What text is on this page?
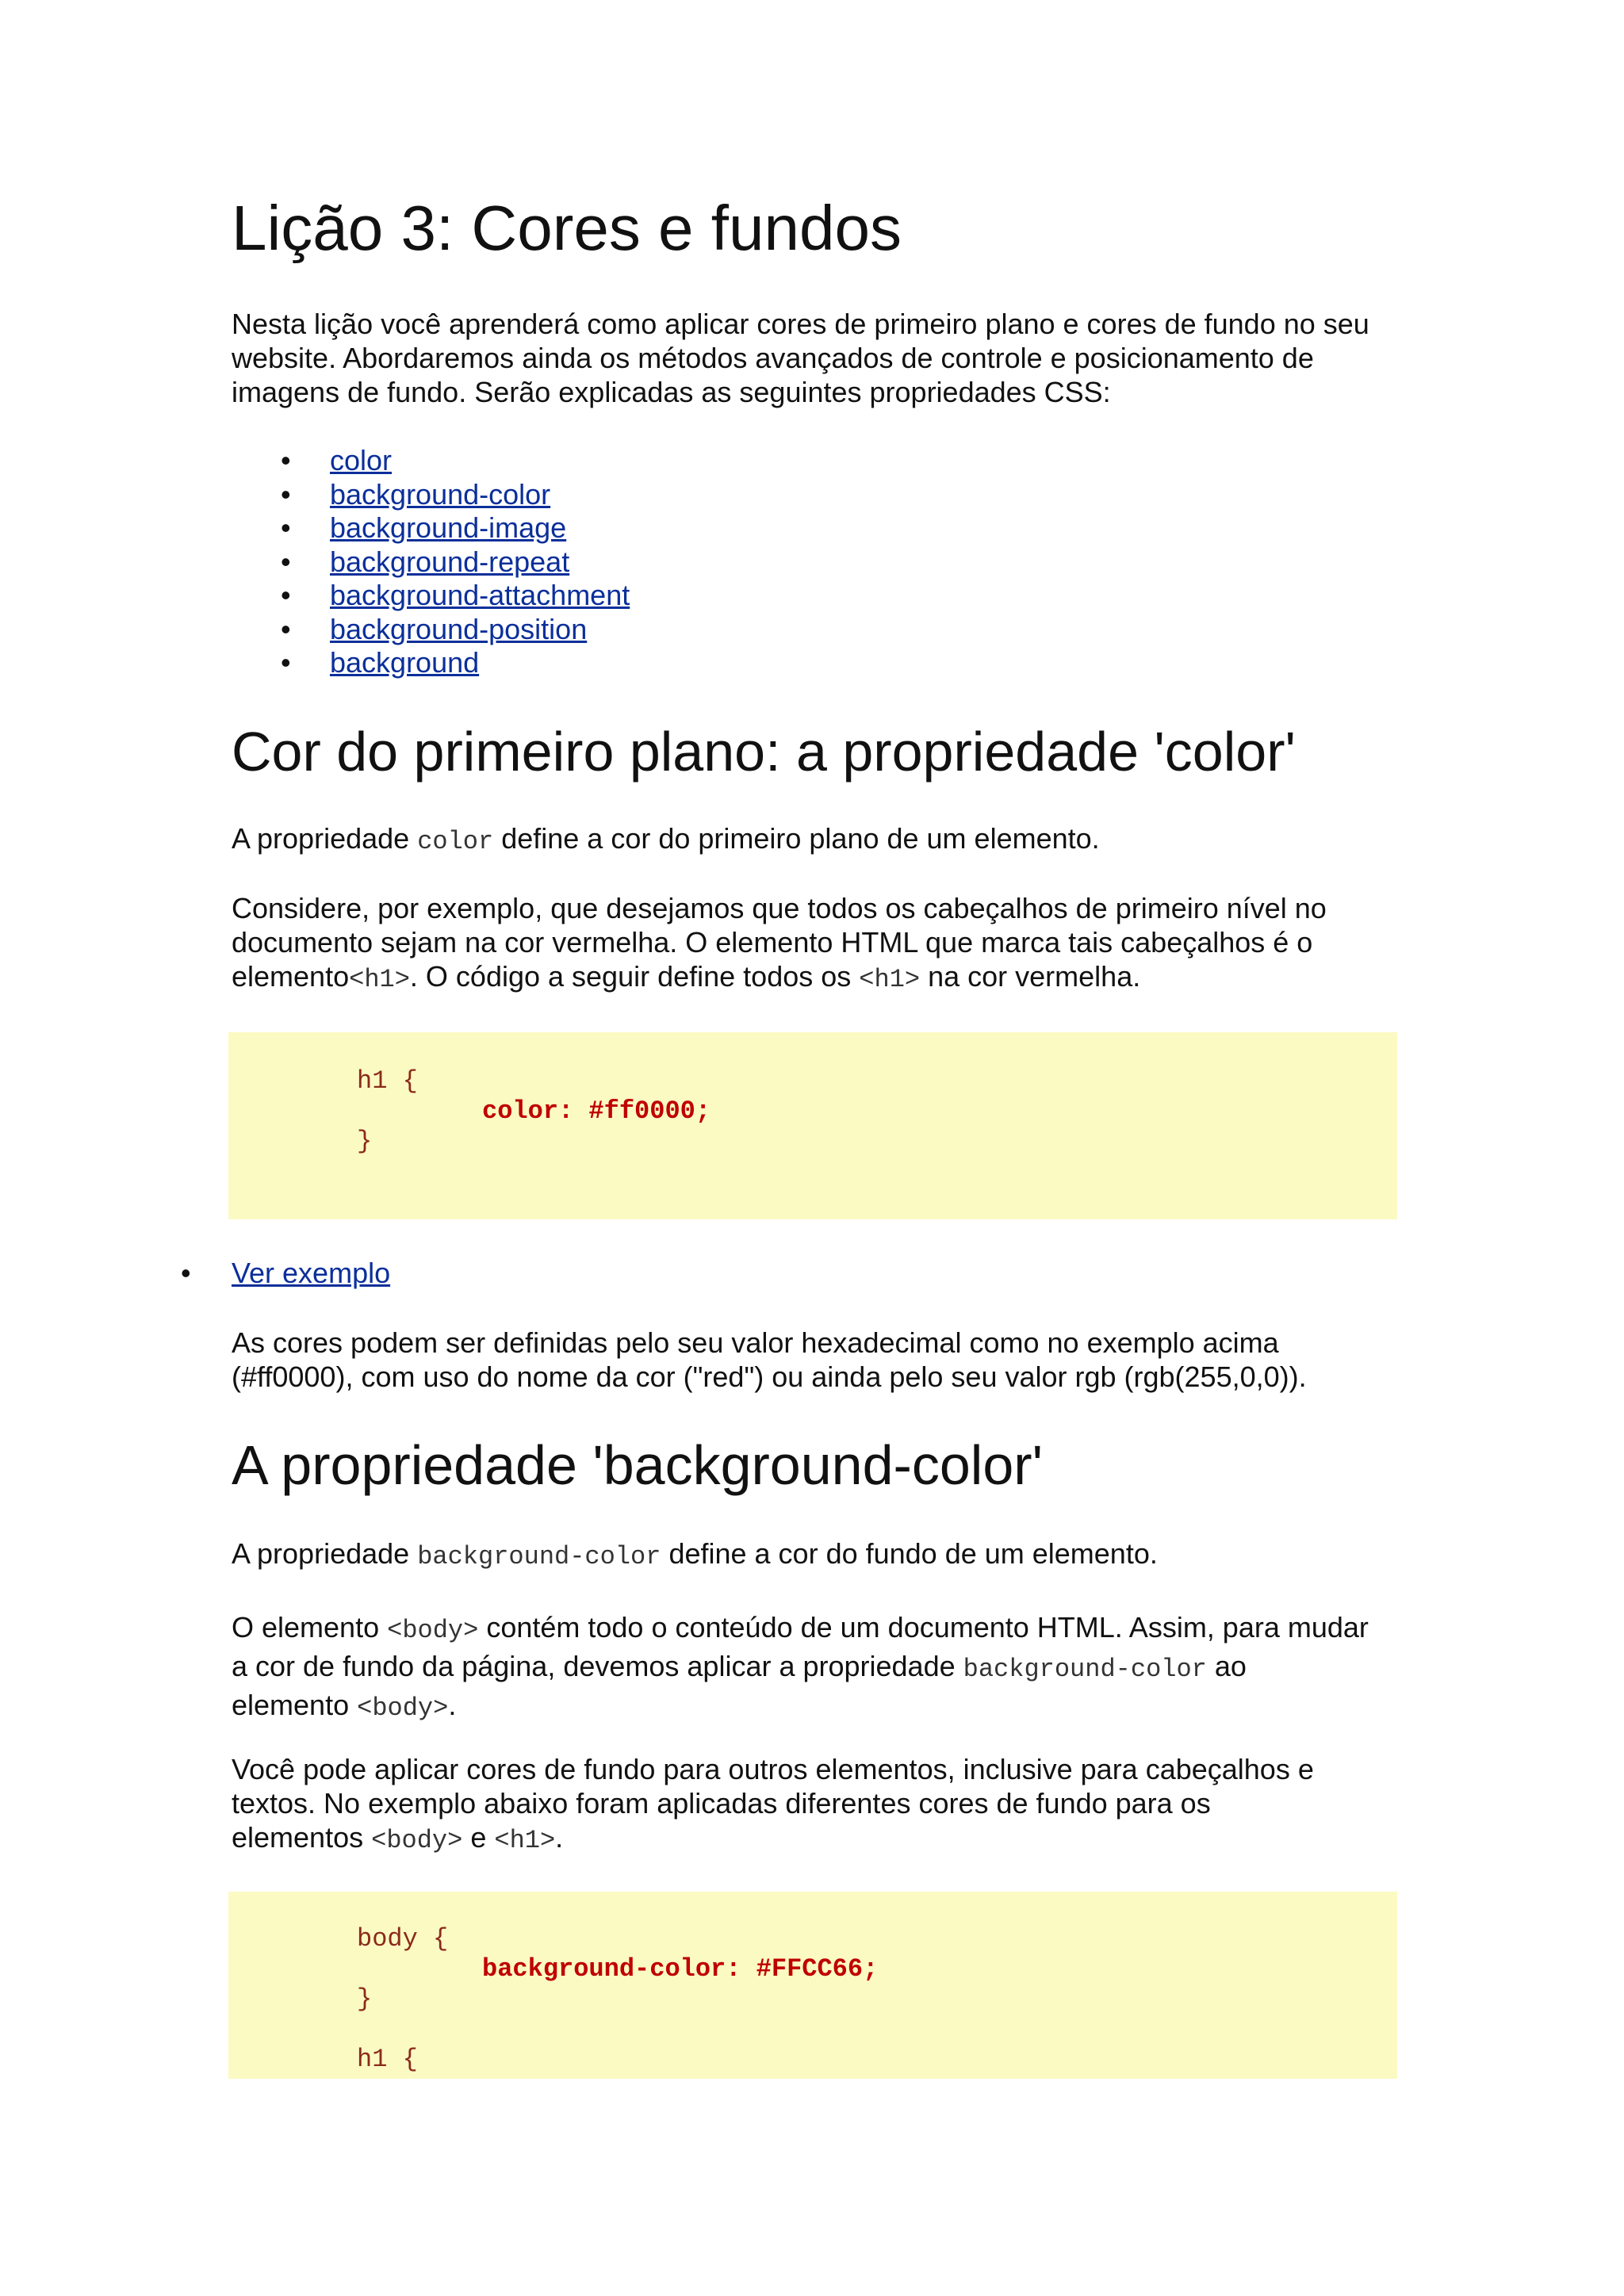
Lição 3: Cores e fundos

Nesta lição você aprenderá como aplicar cores de primeiro plano e cores de fundo no seu
website. Abordaremos ainda os métodos avançados de controle e posicionamento de
imagens de fundo. Serão explicadas as seguintes propriedades CSS:

• color
• background-color
• background-image
• background-repeat
• background-attachment
• background-position
• background
Cor do primeiro plano: a propriedade 'color'

A propriedade color define a cor do primeiro plano de um elemento.

Considere, por exemplo, que desejamos que todos os cabeçalhos de primeiro nível no
documento sejam na cor vermelha. O elemento HTML que marca tais cabeçalhos é o
elemento<h1>. O código a seguir define todos os <h1> na cor vermelha.

h1 {
color: #ff0000;
}
• Ver exemplo

As cores podem ser definidas pelo seu valor hexadecimal como no exemplo acima
(#ff0000), com uso do nome da cor ("red") ou ainda pelo seu valor rgb (rgb(255,0,0)).

A propriedade 'background-color'

A propriedade background-color define a cor do fundo de um elemento.

O elemento <body> contém todo o conteúdo de um documento HTML. Assim, para mudar
a cor de fundo da página, devemos aplicar a propriedade background-color ao
elemento <body>.

Você pode aplicar cores de fundo para outros elementos, inclusive para cabeçalhos e
textos. No exemplo abaixo foram aplicadas diferentes cores de fundo para os
elementos <body> e <h1>.

body {
background-color: #FFCC66;
}
h1 {
